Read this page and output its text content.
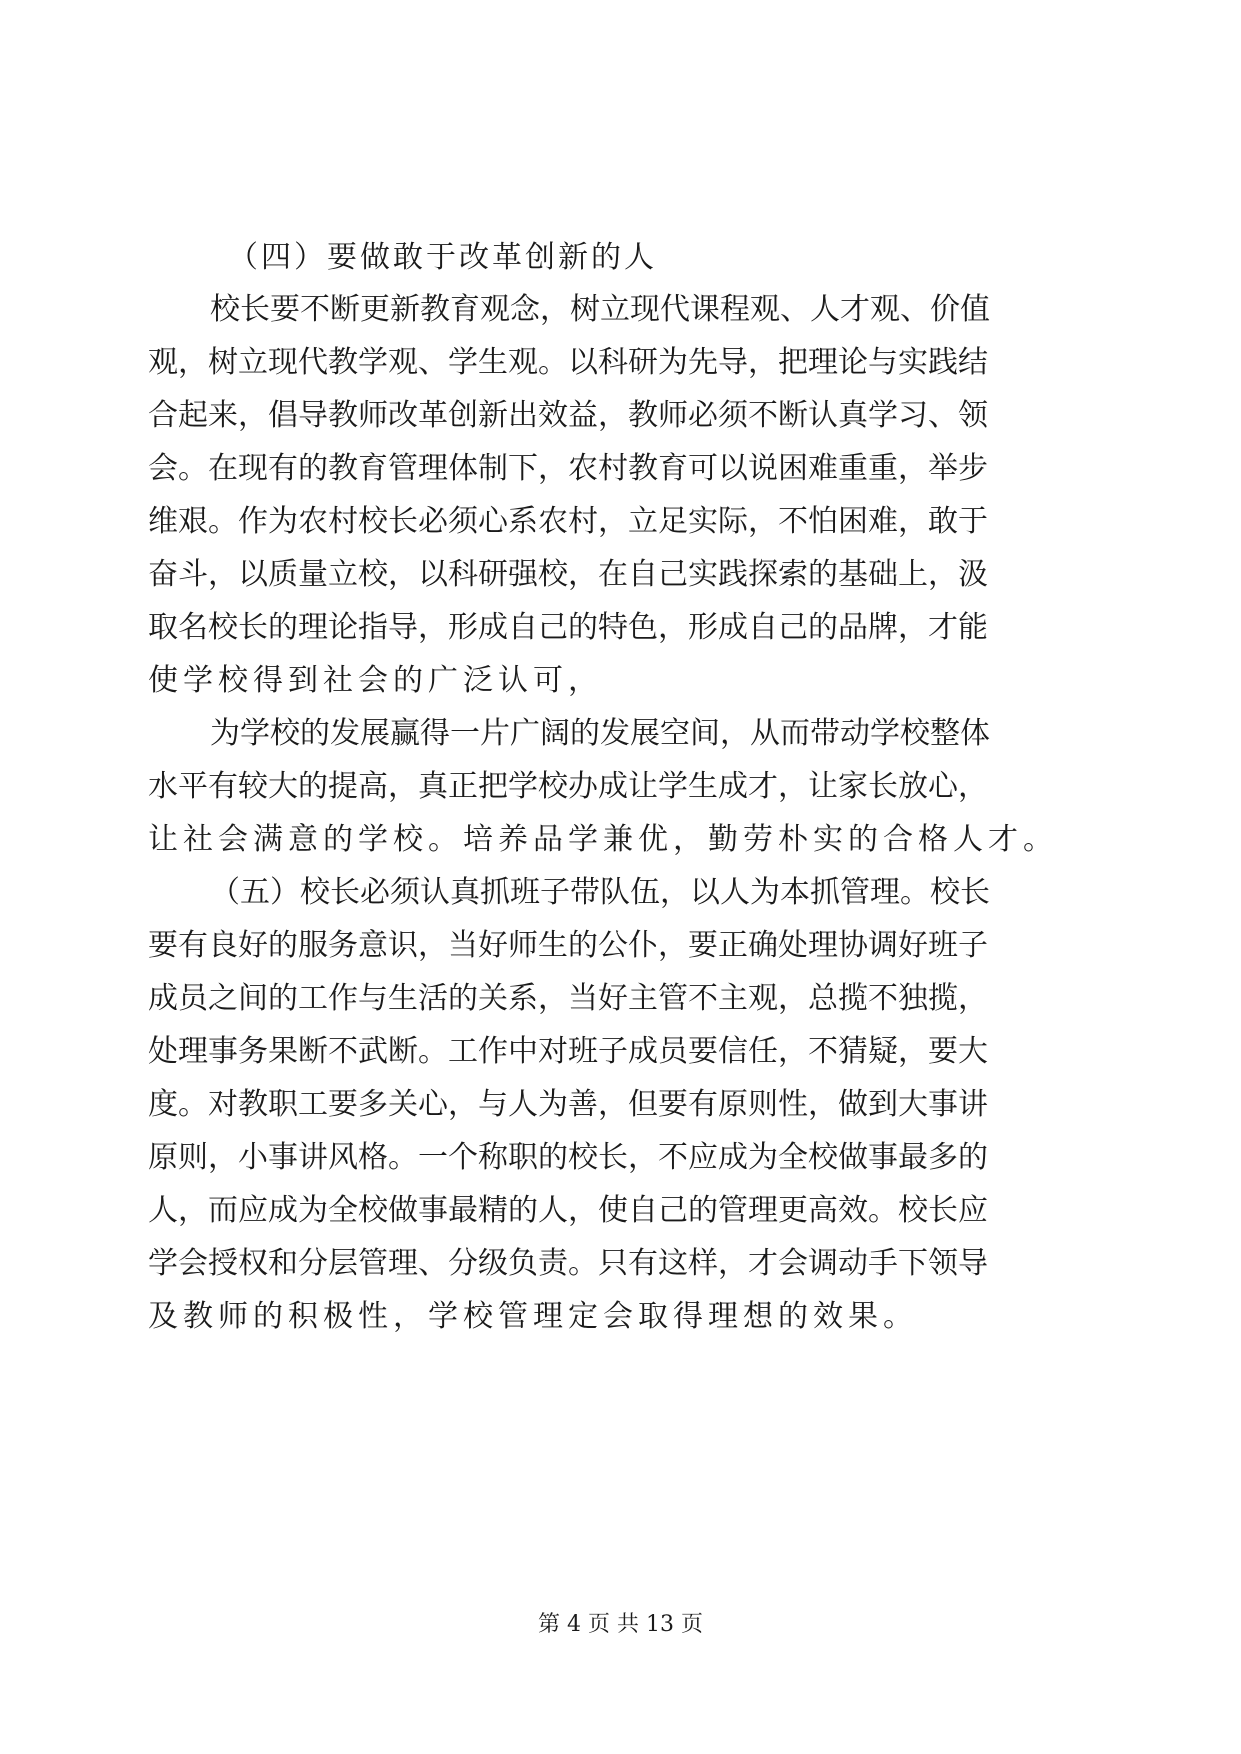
（四）要做敢于改革创新的人
校长要不断更新教育观念，树立现代课程观、人才观、价值
观，树立现代教学观、学生观。以科研为先导，把理论与实践结
合起来，倡导教师改革创新出效益，教师必须不断认真学习、领
会。在现有的教育管理体制下，农村教育可以说困难重重，举步
维艰。作为农村校长必须心系农村，立足实际，不怕困难，敢于
奋斗，以质量立校，以科研强校，在自己实践探索的基础上，汲
取名校长的理论指导，形成自己的特色，形成自己的品牌，才能
使学校得到社会的广泛认可，
为学校的发展赢得一片广阔的发展空间，从而带动学校整体
水平有较大的提高，真正把学校办成让学生成才，让家长放心，
让社会满意的学校。培养品学兼优，勤劳朴实的合格人才。
（五）校长必须认真抓班子带队伍，以人为本抓管理。校长
要有良好的服务意识，当好师生的公仆，要正确处理协调好班子
成员之间的工作与生活的关系，当好主管不主观，总揽不独揽，
处理事务果断不武断。工作中对班子成员要信任，不猜疑，要大
度。对教职工要多关心，与人为善，但要有原则性，做到大事讲
原则，小事讲风格。一个称职的校长，不应成为全校做事最多的
人，而应成为全校做事最精的人，使自己的管理更高效。校长应
学会授权和分层管理、分级负责。只有这样，才会调动手下领导
及教师的积极性，学校管理定会取得理想的效果。
第 4 页 共 13 页
